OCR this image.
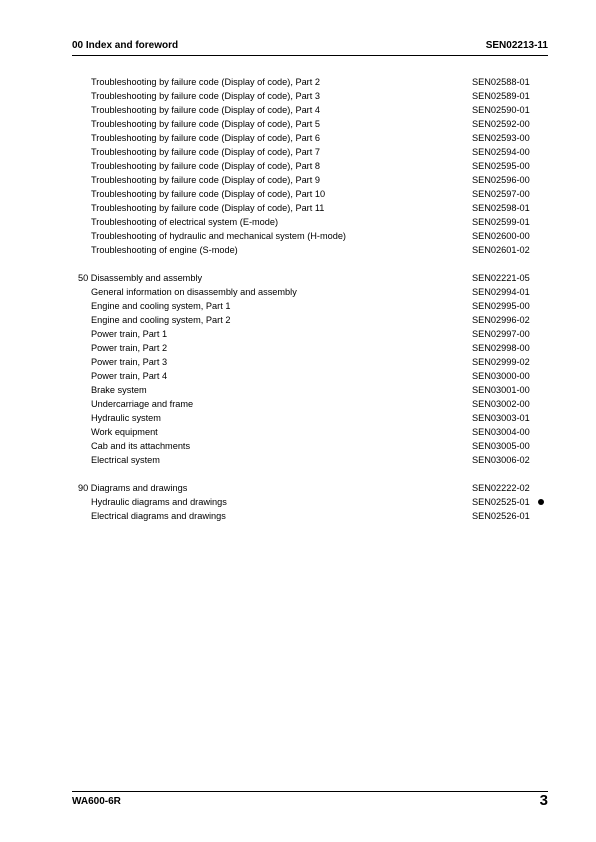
00 Index and foreword	SEN02213-11
Troubleshooting by failure code (Display of code), Part 2	SEN02588-01
Troubleshooting by failure code (Display of code), Part 3	SEN02589-01
Troubleshooting by failure code (Display of code), Part 4	SEN02590-01
Troubleshooting by failure code (Display of code), Part 5	SEN02592-00
Troubleshooting by failure code (Display of code), Part 6	SEN02593-00
Troubleshooting by failure code (Display of code), Part 7	SEN02594-00
Troubleshooting by failure code (Display of code), Part 8	SEN02595-00
Troubleshooting by failure code (Display of code), Part 9	SEN02596-00
Troubleshooting by failure code (Display of code), Part 10	SEN02597-00
Troubleshooting by failure code (Display of code), Part 11	SEN02598-01
Troubleshooting of electrical system (E-mode)	SEN02599-01
Troubleshooting of hydraulic and mechanical system (H-mode)	SEN02600-00
Troubleshooting of engine (S-mode)	SEN02601-02
50 Disassembly and assembly	SEN02221-05
General information on disassembly and assembly	SEN02994-01
Engine and cooling system, Part 1	SEN02995-00
Engine and cooling system, Part 2	SEN02996-02
Power train, Part 1	SEN02997-00
Power train, Part 2	SEN02998-00
Power train, Part 3	SEN02999-02
Power train, Part 4	SEN03000-00
Brake system	SEN03001-00
Undercarriage and frame	SEN03002-00
Hydraulic system	SEN03003-01
Work equipment	SEN03004-00
Cab and its attachments	SEN03005-00
Electrical system	SEN03006-02
90 Diagrams and drawings	SEN02222-02
Hydraulic diagrams and drawings	SEN02525-01
Electrical diagrams and drawings	SEN02526-01
WA600-6R	3
